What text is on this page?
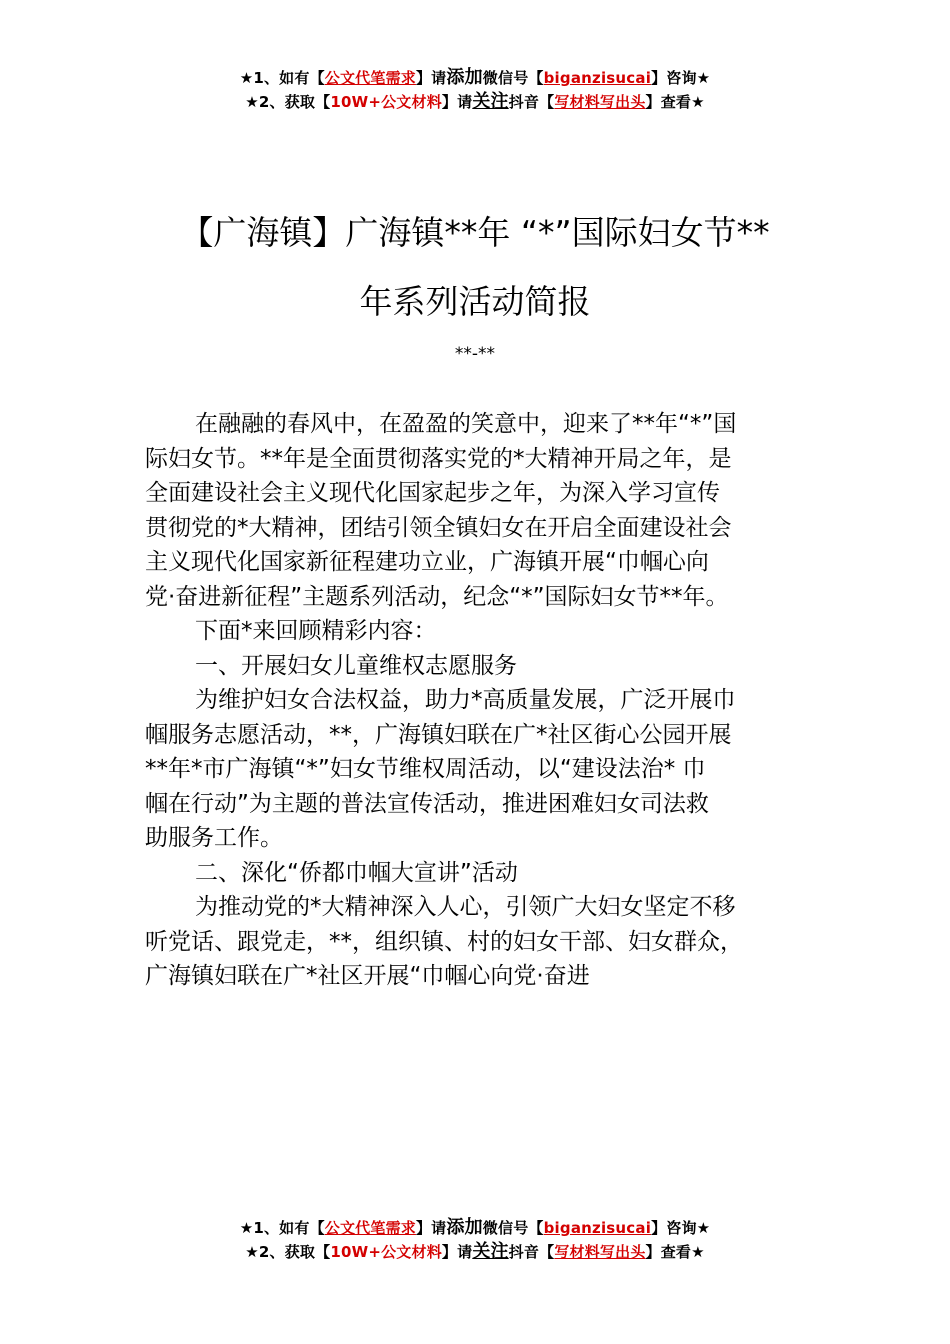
★1、如有【公文代笔需求】请添加微信号【biganzisucai】咨询★
★2、获取【10W+公文材料】请关注抖音【写材料写出头】查看★
【广海镇】广海镇**年 “*”国际妇女节**
年系列活动简报
**-**

在融融的春风中，在盈盈的笑意中，迎来了**年“*”国

际妇女节。**年是全面贯彻落实党的*大精神开局之年，是

全面建设社会主义现代化国家起步之年，为深入学习宣传

贯彻党的*大精神，团结引领全镇妇女在开启全面建设社会

主义现代化国家新征程建功立业，广海镇开展“巾帼心向

党·奋进新征程”主题系列活动，纪念“*”国际妇女节**年。

下面*来回顾精彩内容：

一、开展妇女儿童维权志愿服务

为维护妇女合法权益，助力*高质量发展，广泛开展巾

帼服务志愿活动，**，广海镇妇联在广*社区街心公园开展

**年*市广海镇“*”妇女节维权周活动，以“建设法治* 巾

帼在行动”为主题的普法宣传活动，推进困难妇女司法救

助服务工作。

二、深化“侨都巾帼大宣讲”活动

为推动党的*大精神深入人心，引领广大妇女坚定不移

听党话、跟党走，**，组织镇、村的妇女干部、妇女群众，

广海镇妇联在广*社区开展“巾帼心向党·奋进

★1、如有【公文代笔需求】请添加微信号【biganzisucai】咨询★
★2、获取【10W+公文材料】请关注抖音【写材料写出头】查看★
